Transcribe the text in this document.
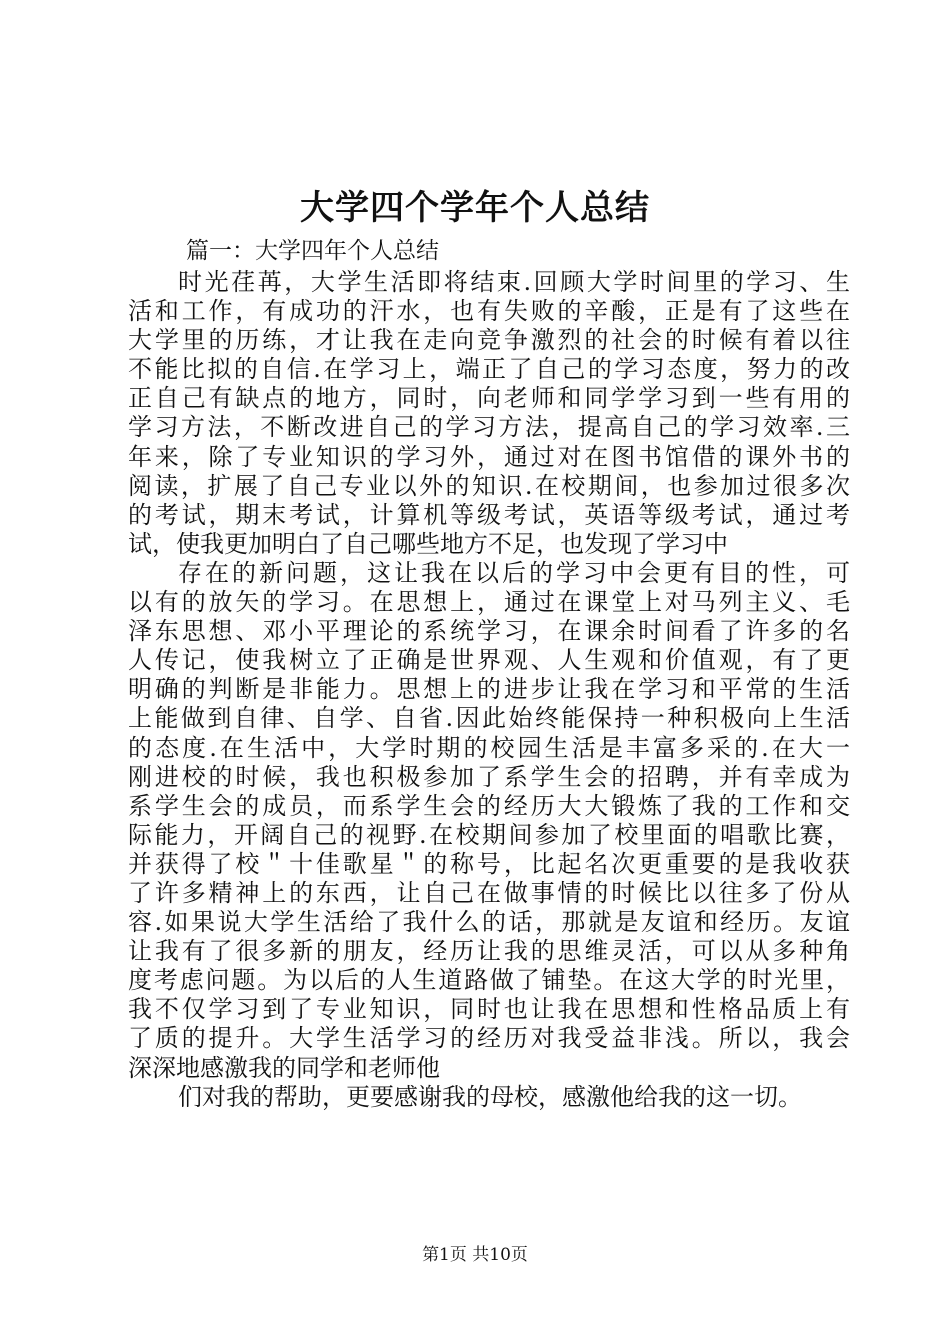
大学四个学年个人总结

篇一：大学四年个人总结

时光荏苒，大学生活即将结束.回顾大学时间里的学习、生
活和工作，有成功的汗水，也有失败的辛酸，正是有了这些在
大学里的历练，才让我在走向竞争激烈的社会的时候有着以往
不能比拟的自信.在学习上，端正了自己的学习态度，努力的改
正自己有缺点的地方，同时，向老师和同学学习到一些有用的
学习方法，不断改进自己的学习方法，提高自己的学习效率.三
年来，除了专业知识的学习外，通过对在图书馆借的课外书的
阅读，扩展了自己专业以外的知识.在校期间，也参加过很多次
的考试，期末考试，计算机等级考试，英语等级考试，通过考
试，使我更加明白了自己哪些地方不足，也发现了学习中
存在的新问题，这让我在以后的学习中会更有目的性，可
以有的放矢的学习。在思想上，通过在课堂上对马列主义、毛
泽东思想、邓小平理论的系统学习，在课余时间看了许多的名
人传记，使我树立了正确是世界观、人生观和价值观，有了更
明确的判断是非能力。思想上的进步让我在学习和平常的生活
上能做到自律、自学、自省.因此始终能保持一种积极向上生活
的态度.在生活中，大学时期的校园生活是丰富多采的.在大一
刚进校的时候，我也积极参加了系学生会的招聘，并有幸成为
系学生会的成员，而系学生会的经历大大锻炼了我的工作和交
际能力，开阔自己的视野.在校期间参加了校里面的唱歌比赛，
并获得了校＂十佳歌星＂的称号，比起名次更重要的是我收获
了许多精神上的东西，让自己在做事情的时候比以往多了份从
容.如果说大学生活给了我什么的话，那就是友谊和经历。友谊
让我有了很多新的朋友，经历让我的思维灵活，可以从多种角
度考虑问题。为以后的人生道路做了铺垫。在这大学的时光里，
我不仅学习到了专业知识，同时也让我在思想和性格品质上有
了质的提升。大学生活学习的经历对我受益非浅。所以，我会
深深地感激我的同学和老师他
们对我的帮助，更要感谢我的母校，感激他给我的这一切。

第1页 共10页
